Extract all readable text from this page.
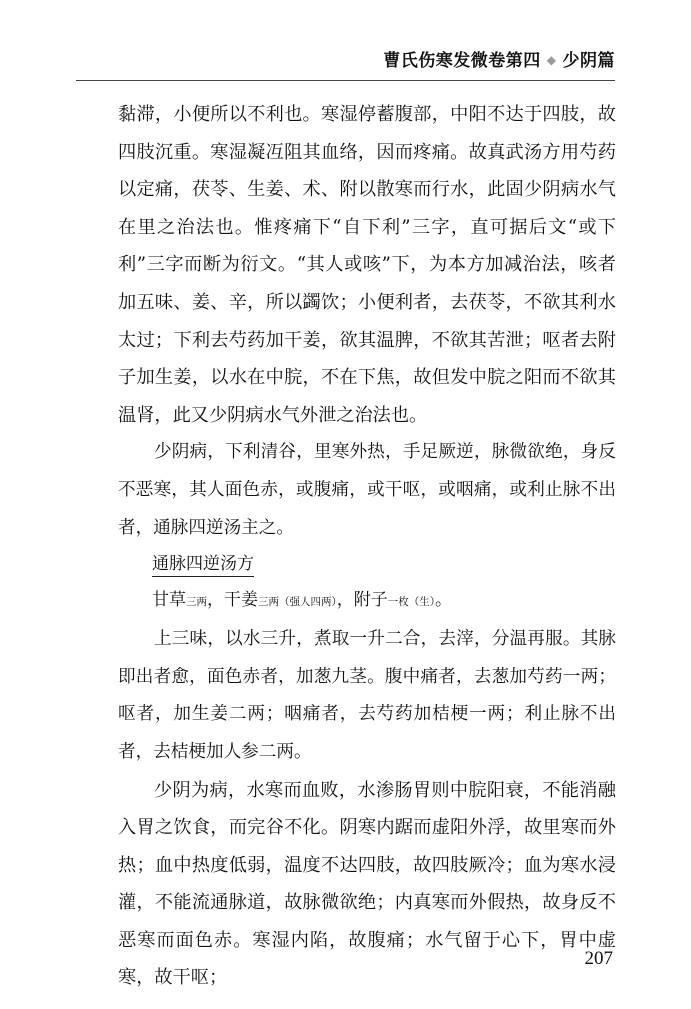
曹氏伤寒发微卷第四 ◆ 少阴篇

黏滞，小便所以不利也。寒湿停蓄腹部，中阳不达于四肢，故四肢沉重。寒湿凝冱阻其血络，因而疼痛。故真武汤方用芍药以定痛，茯苓、生姜、术、附以散寒而行水，此固少阴病水气在里之治法也。惟疼痛下“自下利”三字，直可据后文“或下利”三字而断为衍文。“其人或咳”下，为本方加减治法，咳者加五味、姜、辛，所以蠲饮；小便利者，去茯苓，不欲其利水太过；下利去芍药加干姜，欲其温脾，不欲其苦泄；呕者去附子加生姜，以水在中脘，不在下焦，故但发中脘之阳而不欲其温肾，此又少阴病水气外泄之治法也。

少阴病，下利清谷，里寒外热，手足厥逆，脉微欲绝，身反不恶寒，其人面色赤，或腹痛，或干呕，或咽痛，或利止脉不出者，通脉四逆汤主之。

通脉四逆汤方

甘草三两，干姜三两（强人四两），附子一枚（生）。

上三味，以水三升，煮取一升二合，去滓，分温再服。其脉即出者愈，面色赤者，加葱九茎。腹中痛者，去葱加芍药一两；呕者，加生姜二两；咽痛者，去芍药加桔梗一两；利止脉不出者，去桔梗加人参二两。

少阴为病，水寒而血败，水渗肠胃则中脘阳衰，不能消融入胃之饮食，而完谷不化。阴寒内踞而虚阳外浮，故里寒而外热；血中热度低弱，温度不达四肢，故四肢厥冷；血为寒水浸灌，不能流通脉道，故脉微欲绝；内真寒而外假热，故身反不恶寒而面色赤。寒湿内陷，故腹痛；水气留于心下，胃中虚寒，故干呕；

207
